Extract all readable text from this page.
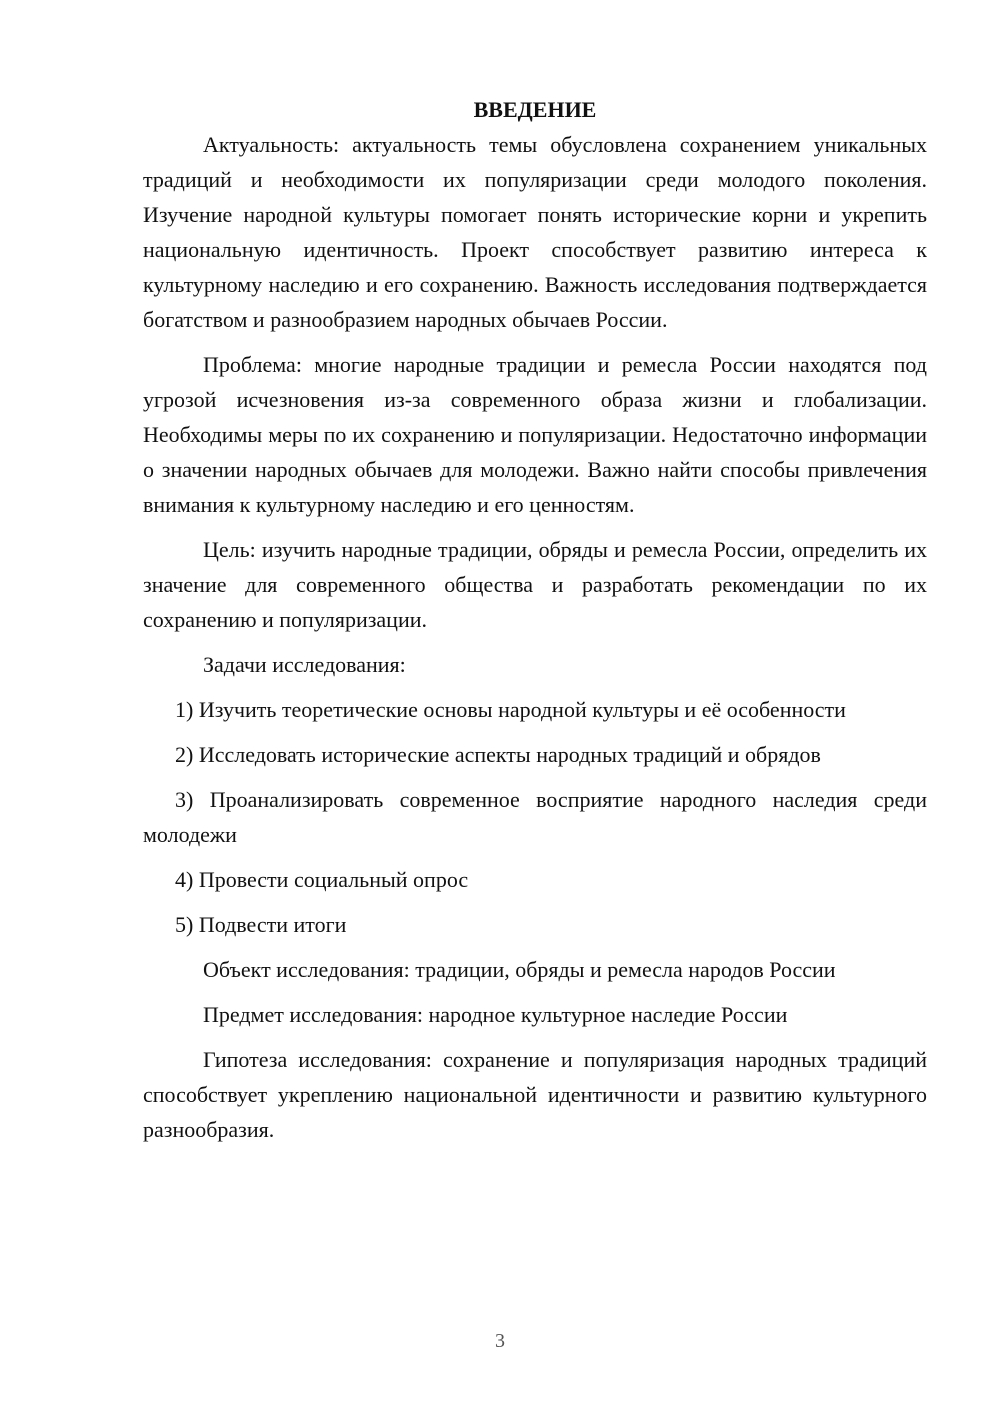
ВВЕДЕНИЕ

Актуальность: актуальность темы обусловлена сохранением уникальных традиций и необходимости их популяризации среди молодого поколения. Изучение народной культуры помогает понять исторические корни и укрепить национальную идентичность. Проект способствует развитию интереса к культурному наследию и его сохранению. Важность исследования подтверждается богатством и разнообразием народных обычаев России.

Проблема: многие народные традиции и ремесла России находятся под угрозой исчезновения из-за современного образа жизни и глобализации. Необходимы меры по их сохранению и популяризации. Недостаточно информации о значении народных обычаев для молодежи. Важно найти способы привлечения внимания к культурному наследию и его ценностям.

Цель: изучить народные традиции, обряды и ремесла России, определить их значение для современного общества и разработать рекомендации по их сохранению и популяризации.

Задачи исследования:

1) Изучить теоретические основы народной культуры и её особенности

2) Исследовать исторические аспекты народных традиций и обрядов

3) Проанализировать современное восприятие народного наследия среди молодежи

4) Провести социальный опрос

5) Подвести итоги

Объект исследования: традиции, обряды и ремесла народов России

Предмет исследования: народное культурное наследие России

Гипотеза исследования: сохранение и популяризация народных традиций способствует укреплению национальной идентичности и развитию культурного разнообразия.

3
